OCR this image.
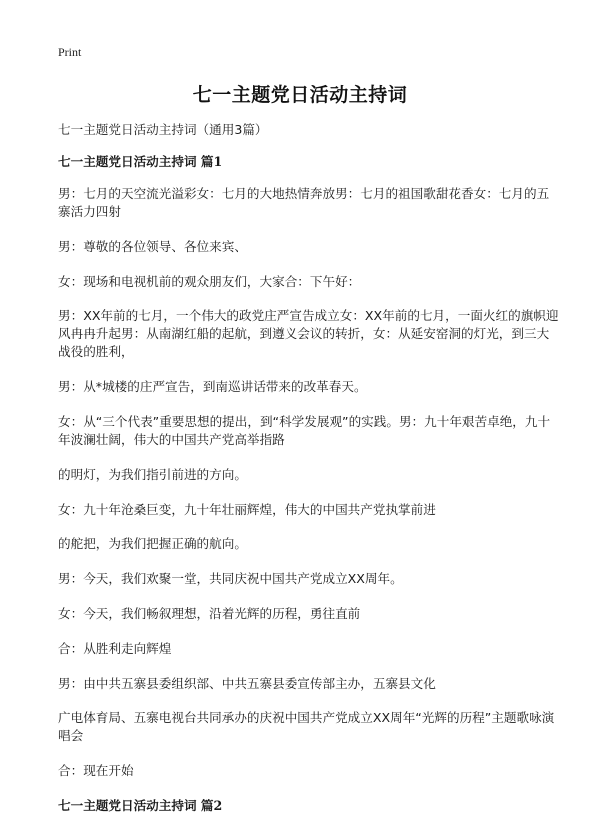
Print
七一主题党日活动主持词
七一主题党日活动主持词（通用3篇）
七一主题党日活动主持词 篇1
男：七月的天空流光溢彩女：七月的大地热情奔放男：七月的祖国歌甜花香女：七月的五寨活力四射
男：尊敬的各位领导、各位来宾、
女：现场和电视机前的观众朋友们，大家合：下午好：
男：XX年前的七月，一个伟大的政党庄严宣告成立女：XX年前的七月，一面火红的旗帜迎风冉冉升起男：从南湖红船的起航，到遵义会议的转折，女：从延安窑洞的灯光，到三大战役的胜利，
男：从*城楼的庄严宣告，到南巡讲话带来的改革春天。
女：从“三个代表”重要思想的提出，到“科学发展观”的实践。男：九十年艰苦卓绝，九十年波澜壮阔，伟大的中国共产党高举指路
的明灯，为我们指引前进的方向。
女：九十年沧桑巨变，九十年壮丽辉煌，伟大的中国共产党执掌前进
的舵把，为我们把握正确的航向。
男：今天，我们欢聚一堂，共同庆祝中国共产党成立XX周年。
女：今天，我们畅叙理想，沿着光辉的历程，勇往直前
合：从胜利走向辉煌
男：由中共五寨县委组织部、中共五寨县委宣传部主办，五寨县文化
广电体育局、五寨电视台共同承办的庆祝中国共产党成立XX周年“光辉的历程”主题歌咏演唱会
合：现在开始
七一主题党日活动主持词 篇2
